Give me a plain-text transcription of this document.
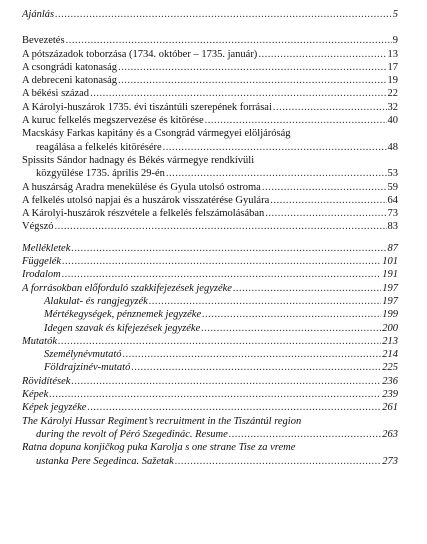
Ajánlás .....	5
Bevezetés .....	9
A pótszázadok toborzása (1734. október – 1735. január) .....	13
A csongrádi katonaság .....	17
A debreceni katonaság .....	19
A békési század .....	22
A Károlyi-huszárok 1735. évi tiszántúli szerepének forrásai .....	32
A kuruc felkelés megszervezése és kitörése .....	40
Macskásy Farkas kapitány és a Csongrád vármegyei elöljáróság
reagálása a felkelés kitörésére .....	48
Spissits Sándor hadnagy és Békés vármegye rendkívüli
közgyűlése 1735. április 29-én .....	53
A huszárság Aradra menekülése és Gyula utolsó ostroma .....	59
A felkelés utolsó napjai és a huszárok visszatérése Gyulára .....	64
A Károlyi-huszárok részvétele a felkelés felszámolásában .....	73
Végszó .....	83
Mellékletek .....	87
Függelék .....	101
Irodalom .....	191
A forrásokban előforduló szakkifejezések jegyzéke .....	197
Alakulat- és rangjegyzék .....	197
Mértékegységek, pénznemek jegyzéke .....	199
Idegen szavak és kifejezések jegyzéke .....	200
Mutatók .....	213
Személynévmutató .....	214
Földrajzinév-mutató .....	225
Rövidítések .....	236
Képek .....	239
Képek jegyzéke .....	261
The Károlyi Hussar Regiment’s recruitment in the Tiszántúl region
during the revolt of Péró Szegedinác. Resume .....	263
Ratna dopuna konjičkog puka Karolja s one strane Tise za vreme
ustanka Pere Segedinca. Sažetak .....	273
